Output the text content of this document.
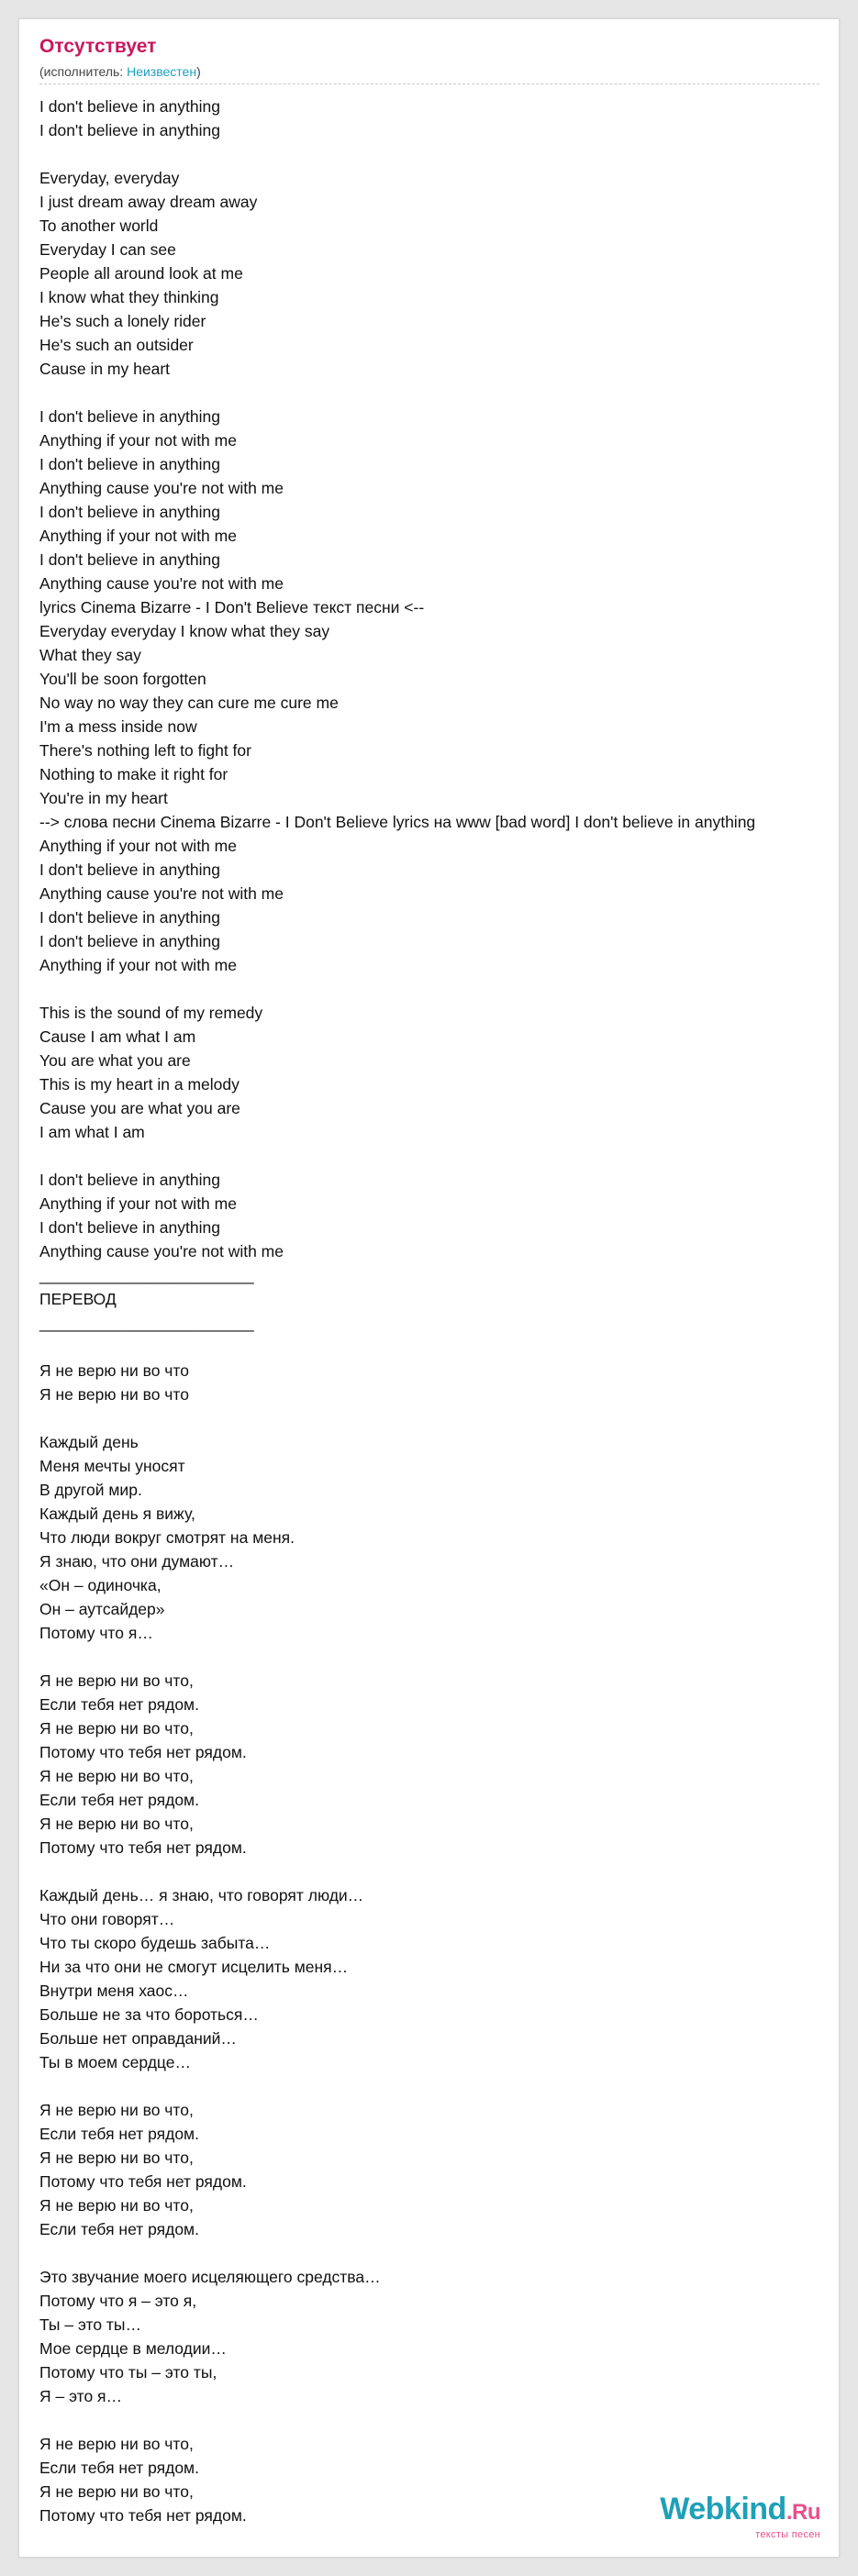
Отсутствует
(исполнитель: Неизвестен)
I don't believe in anything
I don't believe in anything
Everyday, everyday
I just dream away dream away
To another world
Everyday I can see
People all around look at me
I know what they thinking
He's such a lonely rider
He's such an outsider
Cause in my heart
I don't believe in anything
Anything if your not with me
I don't believe in anything
Anything cause you're not with me
I don't believe in anything
Anything if your not with me
I don't believe in anything
Anything cause you're not with me
lyrics Cinema Bizarre - I Don't Believe текст песни <--
Everyday everyday I know what they say
What they say
You'll be soon forgotten
No way no way they can cure me cure me
I'm a mess inside now
There's nothing left to fight for
Nothing to make it right for
You're in my heart
--> слова песни Cinema Bizarre - I Don't Believe lyrics на www [bad word] I don't believe in anything
Anything if your not with me
I don't believe in anything
Anything cause you're not with me
I don't believe in anything
I don't believe in anything
Anything if your not with me
This is the sound of my remedy
Cause I am what I am
You are what you are
This is my heart in a melody
Cause you are what you are
I am what I am
I don't believe in anything
Anything if your not with me
I don't believe in anything
Anything cause you're not with me
________________________
ПЕРЕВОД
________________________
Я не верю ни во что
Я не верю ни во что
Каждый день
Меня мечты уносят
В другой мир.
Каждый день я вижу,
Что люди вокруг смотрят на меня.
Я знаю, что они думают…
«Он – одиночка,
Он – аутсайдер»
Потому что я…
Я не верю ни во что,
Если тебя нет рядом.
Я не верю ни во что,
Потому что тебя нет рядом.
Я не верю ни во что,
Если тебя нет рядом.
Я не верю ни во что,
Потому что тебя нет рядом.
Каждый день… я знаю, что говорят люди…
Что они говорят…
Что ты скоро будешь забыта…
Ни за что они не смогут исцелить меня…
Внутри меня хаос…
Больше не за что бороться…
Больше нет оправданий…
Ты в моем сердце…
Я не верю ни во что,
Если тебя нет рядом.
Я не верю ни во что,
Потому что тебя нет рядом.
Я не верю ни во что,
Если тебя нет рядом.
Это звучание моего исцеляющего средства…
Потому что я – это я,
Ты – это ты…
Мое сердце в мелодии…
Потому что ты – это ты,
Я – это я…
Я не верю ни во что,
Если тебя нет рядом.
Я не верю ни во что,
Потому что тебя нет рядом.	Webkind.Ru
тексты песен
